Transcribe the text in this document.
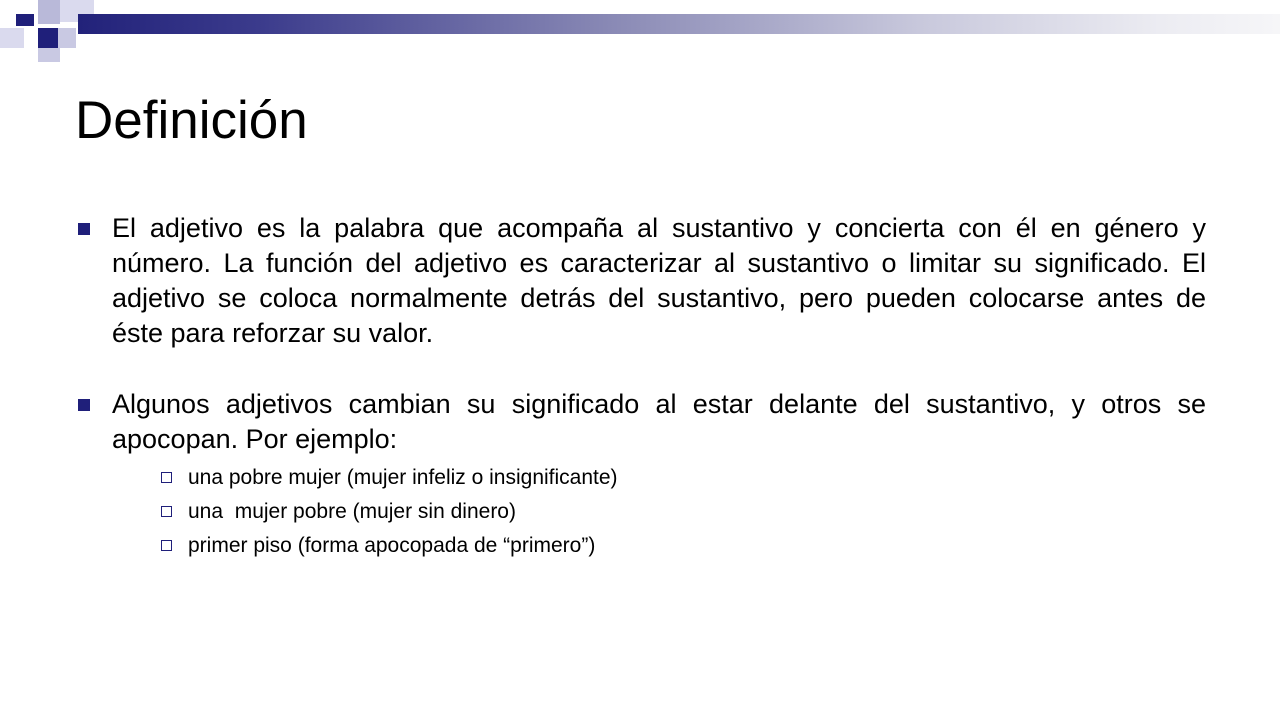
Definición
El adjetivo es la palabra que acompaña al sustantivo y concierta con él en género y número. La función del adjetivo es caracterizar al sustantivo o limitar su significado. El adjetivo se coloca normalmente detrás del sustantivo, pero pueden colocarse antes de éste para reforzar su valor.
Algunos adjetivos cambian su significado al estar delante del sustantivo, y otros se apocopan. Por ejemplo:
una pobre mujer (mujer infeliz o insignificante)
una  mujer pobre (mujer sin dinero)
primer piso (forma apocopada de “primero”)
